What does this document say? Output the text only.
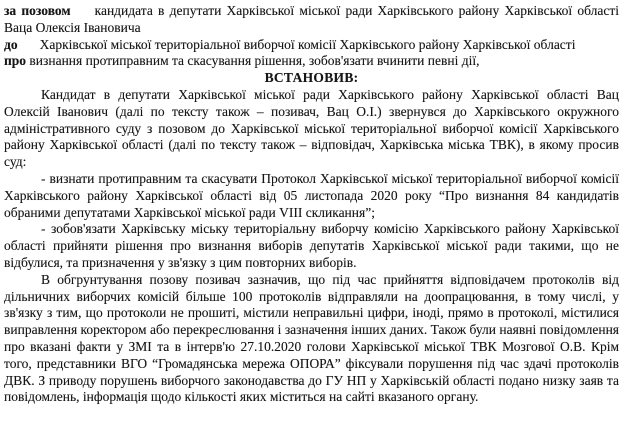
за позовом кандидата в депутати Харківської міської ради Харківського району Харківської області Ваца Олексія Івановича

до Харківської міської територіальної виборчої комісії Харківського району Харківської області

про визнання протиправним та скасування рішення, зобов'язати вчинити певні дії,

ВСТАНОВИВ:

Кандидат в депутати Харківської міської ради Харківського району Харківської області Вац Олексій Іванович (далі по тексту також – позивач, Вац О.І.) звернувся до Харківського окружного адміністративного суду з позовом до Харківської міської територіальної виборчої комісії Харківського району Харківської області (далі по тексту також – відповідач, Харківська міська ТВК), в якому просив суд:

- визнати протиправним та скасувати Протокол Харківської міської територіальної виборчої комісії Харківського району Харківської області від 05 листопада 2020 року “Про визнання 84 кандидатів обраними депутатами Харківської міської ради VIII скликання”;

- зобов'язати Харківську міську територіальну виборчу комісію Харківського району Харківської області прийняти рішення про визнання виборів депутатів Харківської міської ради такими, що не відбулися, та призначення у зв'язку з цим повторних виборів.

В обгрунтування позову позивач зазначив, що під час прийняття відповідачем протоколів від дільничних виборчих комісій більше 100 протоколів відправляли на доопрацювання, в тому числі, у зв'язку з тим, що протоколи не прошиті, містили неправильні цифри, іноді, прямо в протоколі, містилися виправлення коректором або перекреслювання і зазначення інших даних. Також були наявні повідомлення про вказані факти у ЗМІ та в інтерв'ю 27.10.2020 голови Харківської міської ТВК Мозгової О.В. Крім того, представники ВГО “Громадянська мережа ОПОРА” фіксували порушення під час здачі протоколів ДВК. З приводу порушень виборчого законодавства до ГУ НП у Харківській області подано низку заяв та повідомлень, інформація щодо кількості яких міститься на сайті вказаного органу.
